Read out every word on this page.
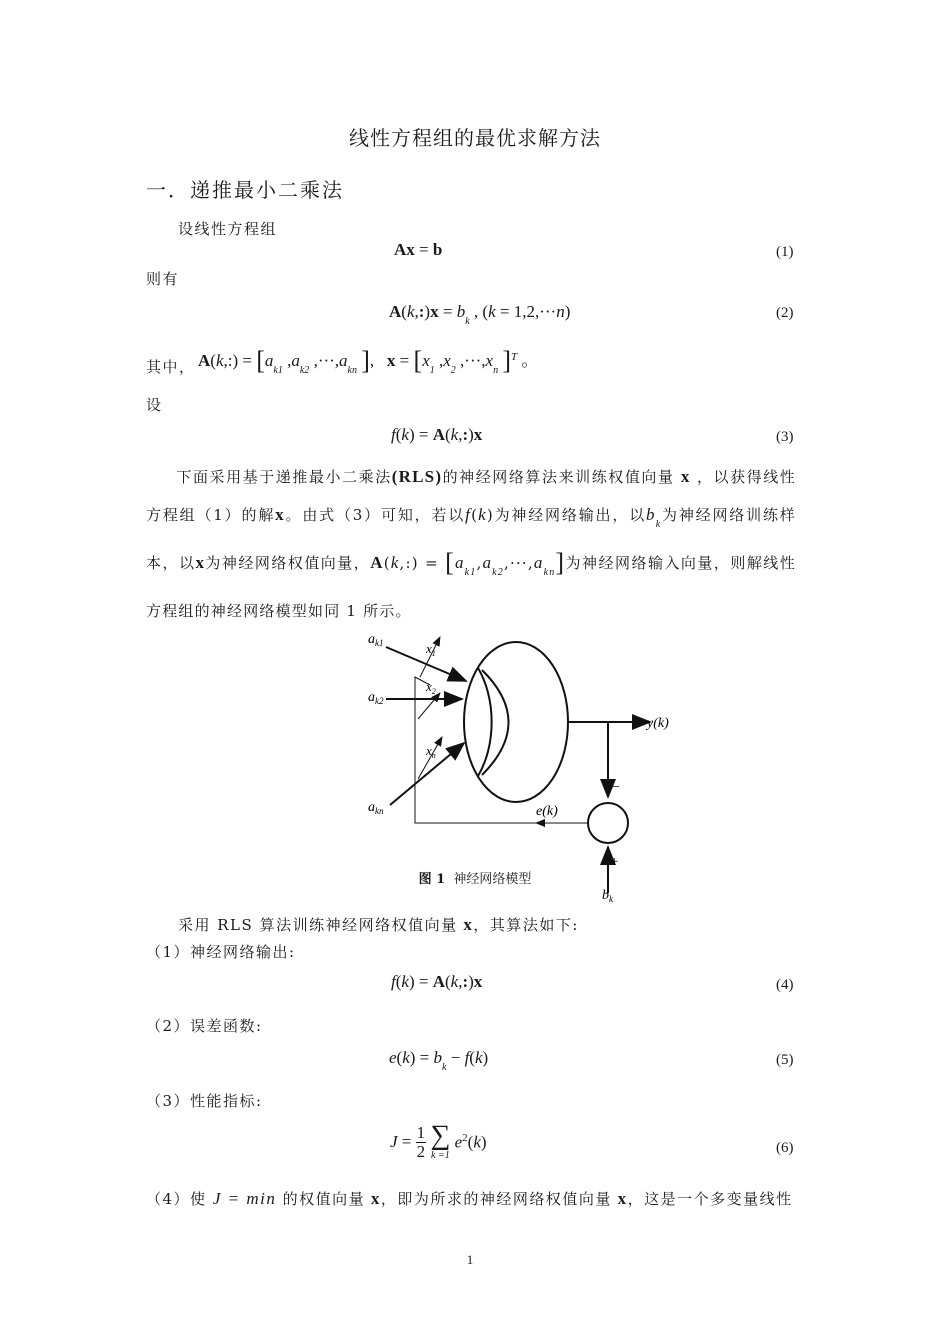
线性方程组的最优求解方法
一．递推最小二乘法
设线性方程组
Ax = b	(1)
则有
A(k,:)x = $b_k$ , (k = 1,2,···n)	(2)
其中， A(k,:) = [$a_{k1}$ $,a_{k2}$ $,\cdot\cdot\cdot,a_{kn}$ ],   $x = [x_1$ $,x_2$ $,\cdot\cdot\cdot,x_n$ ]$^T$ 。
设
f(k) = A(k,:)x	(3)
下面采用基于递推最小二乘法(RLS)的神经网络算法来训练权值向量 x ，以获得线性方程组（1）的解x。由式（3）可知，若以f(k)为神经网络输出，以$b_k$为神经网络训练样本，以x为神经网络权值向量，A(k,:) = $[a_{k1},a_{k2},\cdot\cdot\cdot,a_{kn}]$为神经网络输入向量，则解线性方程组的神经网络模型如同 1 所示。
$a_{k1}$
$a_{k2}$
$a_{kn}$
$x_1$
$x_2$
$x_n$
y(k)
e(k)
−
+
$b_k$
图 1 神经网络模型
采用 RLS 算法训练神经网络权值向量 x，其算法如下:
（1）神经网络输出:
f(k) = A(k,:)x	(4)
（2）误差函数:
$e(k) = b_k - f(k)$	(5)
（3）性能指标:
$J = \frac{1}{2}$
∑
k =1
$e^2(k)$	(6)
（4）使 J = min 的权值向量 x，即为所求的神经网络权值向量 x，这是一个多变量线性
1
